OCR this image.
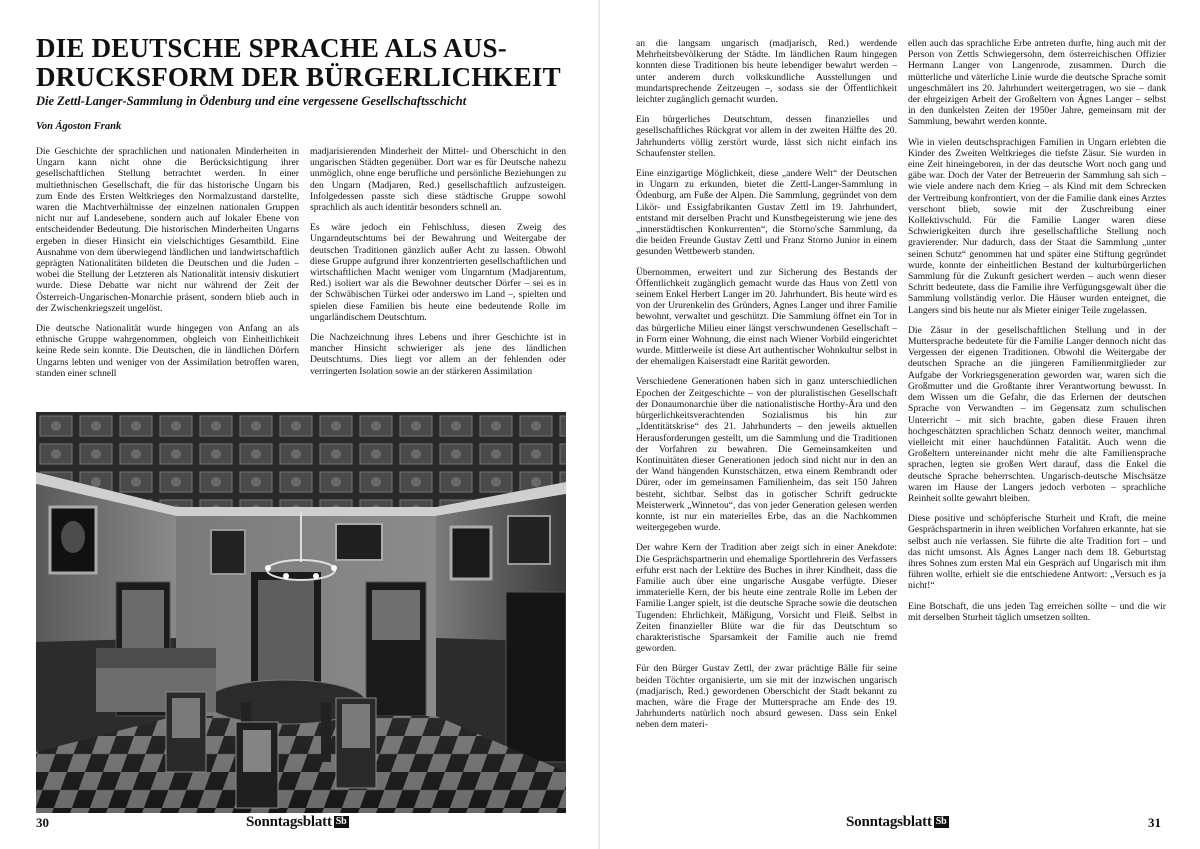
DIE DEUTSCHE SPRACHE ALS AUS-DRUCKSFORM DER BÜRGERLICHKEIT
Die Zettl-Langer-Sammlung in Ödenburg und eine vergessene Gesellschaftsschicht
Von Ágoston Frank

Die Geschichte der sprachlichen und nationalen Minderheiten in Ungarn kann nicht ohne die Berücksichtigung ihrer gesellschaftlichen Stellung betrachtet werden. In einer multiethnischen Gesellschaft, die für das historische Ungarn bis zum Ende des Ersten Weltkrieges den Normalzustand darstellte, waren die Machtverhältnisse der einzelnen nationalen Gruppen nicht nur auf Landesebene, sondern auch auf lokaler Ebene von entscheidender Bedeutung. Die historischen Minderheiten Ungarns ergeben in dieser Hinsicht ein vielschichtiges Gesamtbild. Eine Ausnahme von dem überwiegend ländlichen und landwirtschaftlich geprägten Nationalitäten bildeten die Deutschen und die Juden – wobei die Stellung der Letzteren als Nationalität intensiv diskutiert wurde. Diese Debatte war nicht nur während der Zeit der Österreich-Ungarischen-Monarchie präsent, sondern blieb auch in der Zwischenkriegszeit ungelöst.

Die deutsche Nationalität wurde hingegen von Anfang an als ethnische Gruppe wahrgenommen, obgleich von Einheitlichkeit keine Rede sein konnte. Die Deutschen, die in ländlichen Dörfern Ungarns lebten und weniger von der Assimilation betroffen waren, standen einer schnell

madjarisierenden Minderheit der Mittel- und Oberschicht in den ungarischen Städten gegenüber. Dort war es für Deutsche nahezu unmöglich, ohne enge berufliche und persönliche Beziehungen zu den Ungarn (Madjaren, Red.) gesellschaftlich aufzusteigen. Infolgedessen passte sich diese städtische Gruppe sowohl sprachlich als auch identitär besonders schnell an.

Es wäre jedoch ein Fehlschluss, diesen Zweig des Ungarndeutschtums bei der Bewahrung und Weitergabe der deutschen Traditionen gänzlich außer Acht zu lassen. Obwohl diese Gruppe aufgrund ihrer konzentrierten gesellschaftlichen und wirtschaftlichen Macht weniger vom Ungarntum (Madjarentum, Red.) isoliert war als die Bewohner deutscher Dörfer – sei es in der Schwäbischen Türkei oder anderswo im Land –, spielten und spielen diese Familien bis heute eine bedeutende Rolle im ungarländischem Deutschtum.

Die Nachzeichnung ihres Lebens und ihrer Geschichte ist in mancher Hinsicht schwieriger als jene des ländlichen Deutschtums. Dies liegt vor allem an der fehlenden oder verringerten Isolation sowie an der stärkeren Assimilation

30	Sonntagsblatt Sb

an die langsam ungarisch (madjarisch, Red.) werdende Mehrheitsbevölkerung der Städte. Im ländlichen Raum hingegen konnten diese Traditionen bis heute lebendiger bewahrt werden – unter anderem durch volkskundliche Ausstellungen und mundartsprechende Zeitzeugen –, sodass sie der Öffentlichkeit leichter zugänglich gemacht wurden.

Ein bürgerliches Deutschtum, dessen finanzielles und gesellschaftliches Rückgrat vor allem in der zweiten Hälfte des 20. Jahrhunderts völlig zerstört wurde, lässt sich nicht einfach ins Schaufenster stellen.

Eine einzigartige Möglichkeit, diese „andere Welt“ der Deutschen in Ungarn zu erkunden, bietet die Zettl-Langer-Sammlung in Ödenburg, am Fuße der Alpen. Die Sammlung, gegründet von dem Likör- und Essigfabrikanten Gustav Zettl im 19. Jahrhundert, entstand mit derselben Pracht und Kunstbegeisterung wie jene des „innerstädtischen Konkurrenten“, die Storno'sche Sammlung, da die beiden Freunde Gustav Zettl und Franz Storno Junior in einem gesunden Wettbewerb standen.

Übernommen, erweitert und zur Sicherung des Bestands der Öffentlichkeit zugänglich gemacht wurde das Haus von Zettl von seinem Enkel Herbert Langer im 20. Jahrhundert. Bis heute wird es von der Ururenkelin des Gründers, Agnes Langer und ihrer Familie bewohnt, verwaltet und geschützt. Die Sammlung öffnet ein Tor in das bürgerliche Milieu einer längst verschwundenen Gesellschaft – in Form einer Wohnung, die einst nach Wiener Vorbild eingerichtet wurde. Mittlerweile ist diese Art authentischer Wohnkultur selbst in der ehemaligen Kaiserstadt eine Rarität geworden.

Verschiedene Generationen haben sich in ganz unterschiedlichen Epochen der Zeitgeschichte – von der pluralistischen Gesellschaft der Donaumonarchie über die nationalistische Horthy-Ära und den bürgerlichkeitsverachtenden Sozialismus bis hin zur „Identitätskrise“ des 21. Jahrhunderts – den jeweils aktuellen Herausforderungen gestellt, um die Sammlung und die Traditionen der Vorfahren zu bewahren. Die Gemeinsamkeiten und Kontinuitäten dieser Generationen jedoch sind nicht nur in den an der Wand hängenden Kunstschätzen, etwa einem Rembrandt oder Dürer, oder im gemeinsamen Familienheim, das seit 150 Jahren besteht, sichtbar. Selbst das in gotischer Schrift gedruckte Meisterwerk „Winnetou“, das von jeder Generation gelesen werden konnte, ist nur ein materielles Erbe, das an die Nachkommen weitergegeben wurde.

Der wahre Kern der Tradition aber zeigt sich in einer Anekdote: Die Gesprächspartnerin und ehemalige Sportlehrerin des Verfassers erfuhr erst nach der Lektüre des Buches in ihrer Kindheit, dass die Familie auch über eine ungarische Ausgabe verfügte. Dieser immaterielle Kern, der bis heute eine zentrale Rolle im Leben der Familie Langer spielt, ist die deutsche Sprache sowie die deutschen Tugenden: Ehrlichkeit, Mäßigung, Vorsicht und Fleiß. Selbst in Zeiten finanzieller Blüte war die für das Deutschtum so charakteristische Sparsamkeit der Familie auch nie fremd geworden.

Für den Bürger Gustav Zettl, der zwar prächtige Bälle für seine beiden Töchter organisierte, um sie mit der inzwischen ungarisch (madjarisch, Red.) gewordenen Oberschicht der Stadt bekannt zu machen, wäre die Frage der Muttersprache am Ende des 19. Jahrhunderts natürlich noch absurd gewesen. Dass sein Enkel neben dem materi-

ellen auch das sprachliche Erbe antreten durfte, hing auch mit der Person von Zettls Schwiegersohn, dem österreichischen Offizier Hermann Langer von Langenrode, zusammen. Durch die mütterliche und väterliche Linie wurde die deutsche Sprache somit ungeschmälert ins 20. Jahrhundert weitergetragen, wo sie – dank der ehrgeizigen Arbeit der Großeltern von Ágnes Langer – selbst in den dunkelsten Zeiten der 1950er Jahre, gemeinsam mit der Sammlung, bewahrt werden konnte.

Wie in vielen deutschsprachigen Familien in Ungarn erlebten die Kinder des Zweiten Weltkrieges die tiefste Zäsur. Sie wurden in eine Zeit hineingeboren, in der das deutsche Wort noch gang und gäbe war. Doch der Vater der Betreuerin der Sammlung sah sich – wie viele andere nach dem Krieg – als Kind mit dem Schrecken der Vertreibung konfrontiert, von der die Familie dank eines Arztes verschont blieb, sowie mit der Zuschreibung einer Kollektivschuld. Für die Familie Langer waren diese Schwierigkeiten durch ihre gesellschaftliche Stellung noch gravierender. Nur dadurch, dass der Staat die Sammlung „unter seinen Schutz“ genommen hat und später eine Stiftung gegründet wurde, konnte der einheitlichen Bestand der kulturbürgerlichen Sammlung für die Zukunft gesichert werden – auch wenn dieser Schritt bedeutete, dass die Familie ihre Verfügungsgewalt über die Sammlung vollständig verlor. Die Häuser wurden enteignet, die Langers sind bis heute nur als Mieter einiger Teile zugelassen.

Die Zäsur in der gesellschaftlichen Stellung und in der Muttersprache bedeutete für die Familie Langer dennoch nicht das Vergessen der eigenen Traditionen. Obwohl die Weitergabe der deutschen Sprache an die jüngeren Familienmitglieder zur Aufgabe der Vorkriegsgeneration geworden war, waren sich die Großmutter und die Großtante ihrer Verantwortung bewusst. In dem Wissen um die Gefahr, die das Erlernen der deutschen Sprache von Verwandten – im Gegensatz zum schulischen Unterricht – mit sich brachte, gaben diese Frauen ihren hochgeschätzten sprachlichen Schatz dennoch weiter, manchmal vielleicht mit einer hauchdünnen Fatalität. Auch wenn die Großeltern untereinander nicht mehr die alte Familiensprache sprachen, legten sie großen Wert darauf, dass die Enkel die deutsche Sprache beherrschten. Ungarisch-deutsche Mischsätze waren im Hause der Langers jedoch verboten – sprachliche Reinheit sollte gewahrt bleiben.

Diese positive und schöpferische Sturheit und Kraft, die meine Gesprächspartnerin in ihren weiblichen Vorfahren erkannte, hat sie selbst auch nie verlassen. Sie führte die alte Tradition fort – und das nicht umsonst. Als Ágnes Langer nach dem 18. Geburtstag ihres Sohnes zum ersten Mal ein Gespräch auf Ungarisch mit ihm führen wollte, erhielt sie die entschiedene Antwort: „Versuch es ja nicht!“

Eine Botschaft, die uns jeden Tag erreichen sollte – und die wir mit derselben Sturheit täglich umsetzen sollten.

Sonntagsblatt Sb	31
